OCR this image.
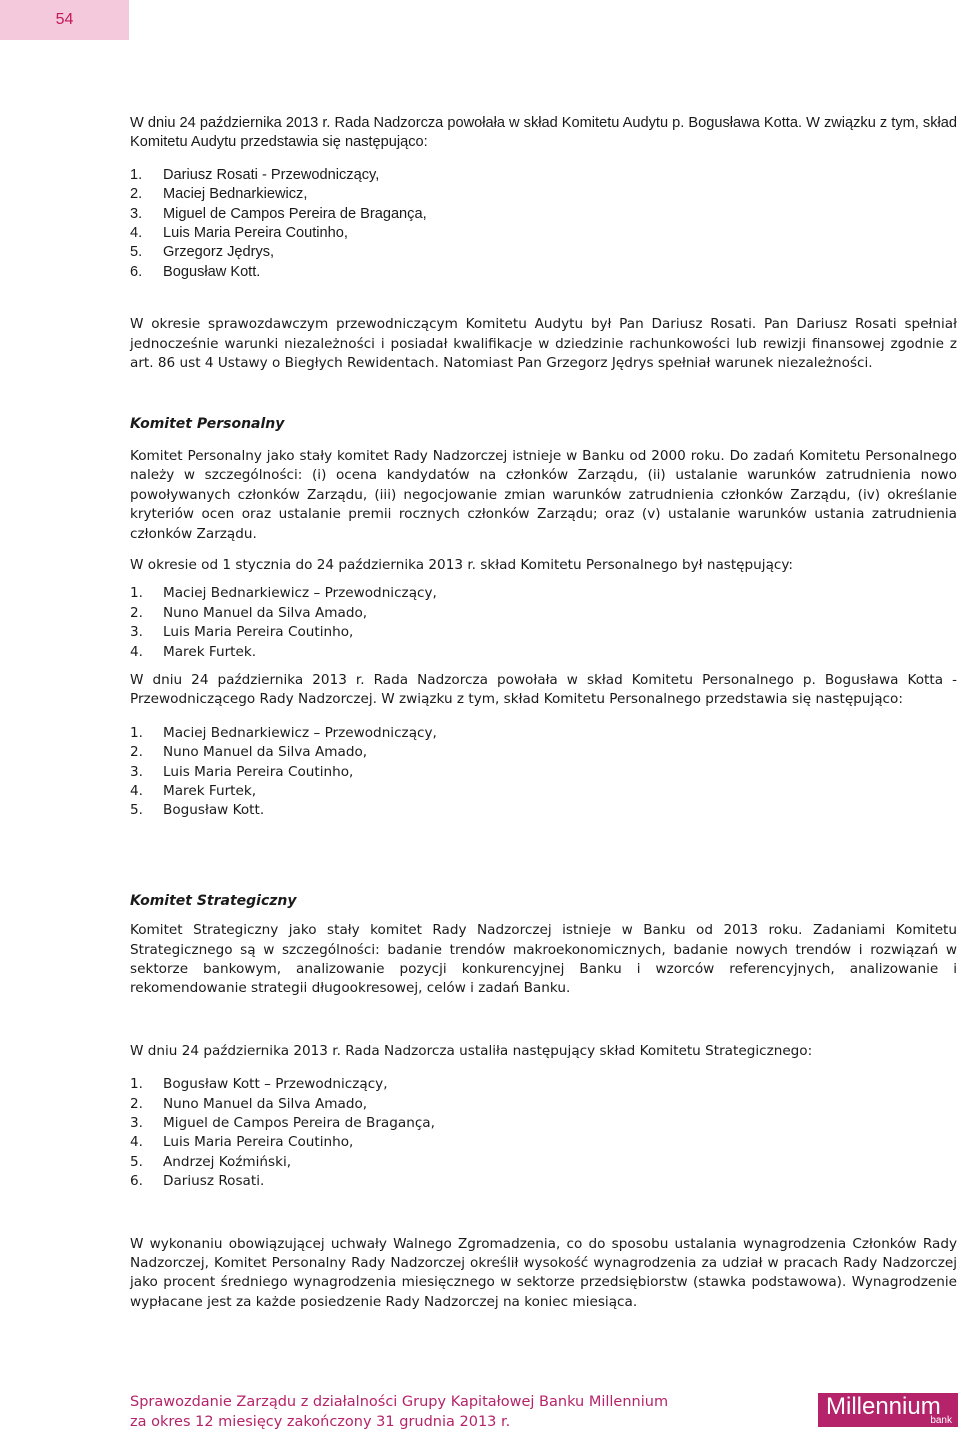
54

W dniu 24 października 2013 r. Rada Nadzorcza powołała w skład Komitetu Audytu p. Bogusława Kotta. W związku z tym, skład Komitetu Audytu przedstawia się następująco:

1.	Dariusz Rosati - Przewodniczący,
2.	Maciej Bednarkiewicz,
3.	Miguel de Campos Pereira de Bragança,
4.	Luis Maria Pereira Coutinho,
5.	Grzegorz Jędrys,
6.	Bogusław Kott.

W okresie sprawozdawczym przewodniczącym Komitetu Audytu był Pan Dariusz Rosati. Pan Dariusz Rosati spełniał jednocześnie warunki niezależności i posiadał kwalifikacje w dziedzinie rachunkowości lub rewizji finansowej zgodnie z art. 86 ust 4 Ustawy o Biegłych Rewidentach. Natomiast Pan Grzegorz Jędrys spełniał warunek niezależności.

Komitet Personalny

Komitet Personalny jako stały komitet Rady Nadzorczej istnieje w Banku od 2000 roku. Do zadań Komitetu Personalnego należy w szczególności: (i) ocena kandydatów na członków Zarządu, (ii) ustalanie warunków zatrudnienia nowo powoływanych członków Zarządu, (iii) negocjowanie zmian warunków zatrudnienia członków Zarządu, (iv) określanie kryteriów ocen oraz ustalanie premii rocznych członków Zarządu; oraz (v) ustalanie warunków ustania zatrudnienia członków Zarządu.

W okresie od 1 stycznia do 24 października 2013 r. skład Komitetu Personalnego był następujący:

1.	Maciej Bednarkiewicz – Przewodniczący,
2.	Nuno Manuel da Silva Amado,
3.	Luis Maria Pereira Coutinho,
4.	Marek Furtek.

W dniu 24 października 2013 r. Rada Nadzorcza powołała w skład Komitetu Personalnego p. Bogusława Kotta - Przewodniczącego Rady Nadzorczej. W związku z tym, skład Komitetu Personalnego przedstawia się następująco:

1.	Maciej Bednarkiewicz – Przewodniczący,
2.	Nuno Manuel da Silva Amado,
3.	Luis Maria Pereira Coutinho,
4.	Marek Furtek,
5.	Bogusław Kott.
Komitet Strategiczny

Komitet Strategiczny jako stały komitet Rady Nadzorczej istnieje w Banku od 2013 roku. Zadaniami Komitetu Strategicznego są w szczególności: badanie trendów makroekonomicznych, badanie nowych trendów i rozwiązań w sektorze bankowym, analizowanie pozycji konkurencyjnej Banku i wzorców referencyjnych, analizowanie i rekomendowanie strategii długookresowej, celów i zadań Banku.

W dniu 24 października 2013 r. Rada Nadzorcza ustaliła następujący skład Komitetu Strategicznego:

1.	Bogusław Kott – Przewodniczący,
2.	Nuno Manuel da Silva Amado,
3.	Miguel de Campos Pereira de Bragança,
4.	Luis Maria Pereira Coutinho,
5.	Andrzej Koźmiński,
6.	Dariusz Rosati.

W wykonaniu obowiązującej uchwały Walnego Zgromadzenia, co do sposobu ustalania wynagrodzenia Członków Rady Nadzorczej, Komitet Personalny Rady Nadzorczej określił wysokość wynagrodzenia za udział w pracach Rady Nadzorczej jako procent średniego wynagrodzenia miesięcznego w sektorze przedsiębiorstw (stawka podstawowa). Wynagrodzenie wypłacane jest za każde posiedzenie Rady Nadzorczej na koniec miesiąca.

Sprawozdanie Zarządu z działalności Grupy Kapitałowej Banku Millennium
za okres 12 miesięcy zakończony 31 grudnia 2013 r.
Millennium
bank
